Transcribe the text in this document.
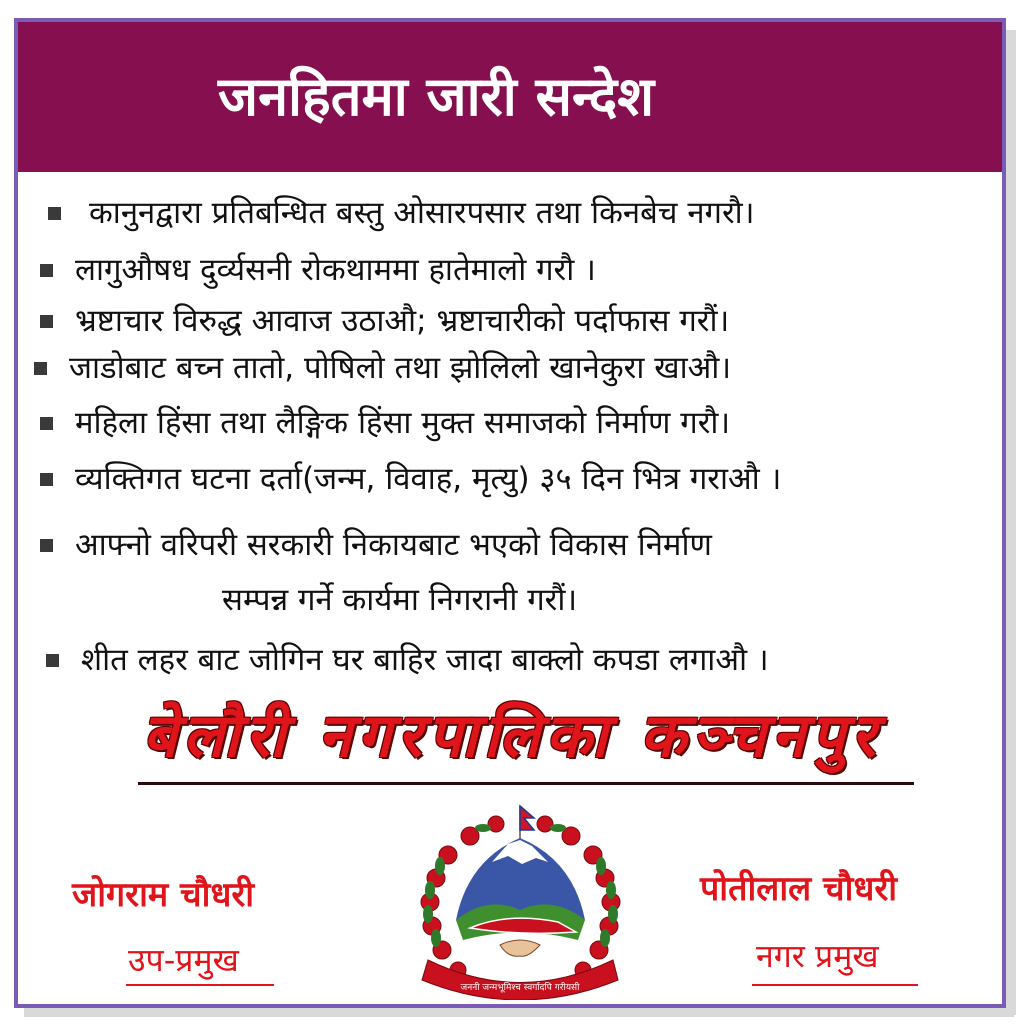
जनहितमा जारी सन्देश
कानुनद्वारा प्रतिबन्धित बस्तु ओसारपसार तथा किनबेच नगरौ।
लागुऔषध दुर्व्यसनी रोकथाममा हातेमालो गरौ ।
भ्रष्टाचार विरुद्ध आवाज उठाऔ; भ्रष्टाचारीको पर्दाफास गरौं।
जाडोबाट बच्न तातो, पोषिलो तथा झोलिलो खानेकुरा खाऔ।
महिला हिंसा तथा लैङ्गिक हिंसा मुक्त समाजको निर्माण गरौ।
व्यक्तिगत घटना दर्ता(जन्म, विवाह, मृत्यु) ३५ दिन भित्र गराऔ ।
आफ्नो वरिपरी सरकारी निकायबाट भएको विकास निर्माण
सम्पन्न गर्ने कार्यमा निगरानी गरौं।
शीत लहर बाट जोगिन घर बाहिर जादा बाक्लो कपडा लगाऔ ।
बेलौरी नगरपालिका कञ्चनपुर
जोगराम चौधरी
उप-प्रमुख
पोतीलाल चौधरी
नगर प्रमुख
जननी जन्मभूमिश्च स्वर्गादपि गरीयसी
